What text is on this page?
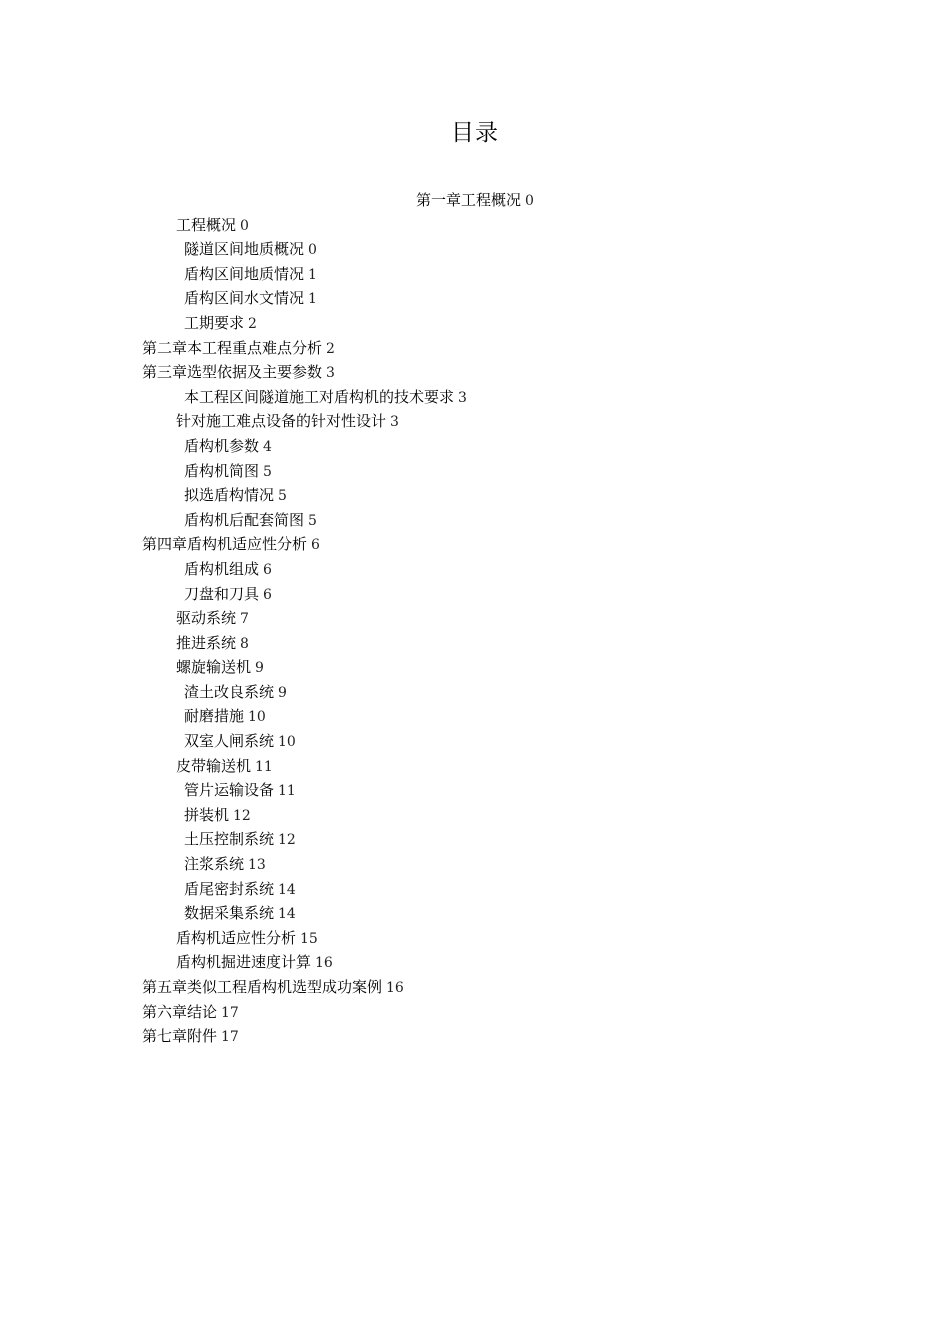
目录
第一章工程概况 0
工程概况 0
隧道区间地质概况 0
盾构区间地质情况 1
盾构区间水文情况 1
工期要求 2
第二章本工程重点难点分析 2
第三章选型依据及主要参数 3
本工程区间隧道施工对盾构机的技术要求 3
针对施工难点设备的针对性设计 3
盾构机参数 4
盾构机简图 5
拟选盾构情况 5
盾构机后配套简图 5
第四章盾构机适应性分析 6
盾构机组成 6
刀盘和刀具 6
驱动系统 7
推进系统 8
螺旋输送机 9
渣土改良系统 9
耐磨措施 10
双室人闸系统 10
皮带输送机 11
管片运输设备 11
拼装机 12
土压控制系统 12
注浆系统 13
盾尾密封系统 14
数据采集系统 14
盾构机适应性分析 15
盾构机掘进速度计算 16
第五章类似工程盾构机选型成功案例 16
第六章结论 17
第七章附件 17
